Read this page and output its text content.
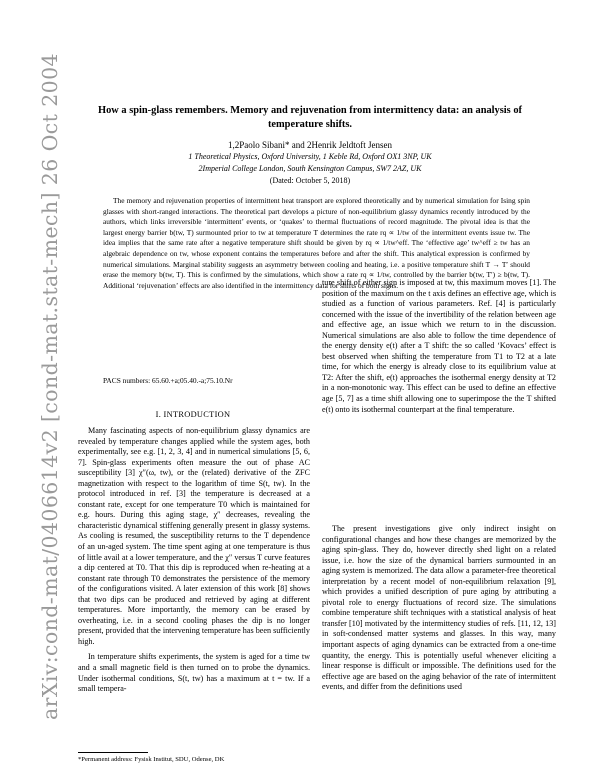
arXiv:cond-mat/0406614v2 [cond-mat.stat-mech] 26 Oct 2004	How a spin-glass remembers. Memory and rejuvenation from intermittency data: an analysis of temperature shifts.
1,2Paolo Sibani* and 2Henrik Jeldtoft Jensen
1 Theoretical Physics, Oxford University, 1 Keble Rd, Oxford OX1 3NP, UK
2Imperial College London, South Kensington Campus, SW7 2AZ, UK
(Dated: October 5, 2018)
The memory and rejuvenation properties of intermittent heat transport are explored theoretically and by numerical simulation for Ising spin glasses with short-ranged interactions. The theoretical part develops a picture of non-equilibrium glassy dynamics recently introduced by the authors, which links irreversible ‘intermittent’ events, or ‘quakes’ to thermal fluctuations of record magnitude. The pivotal idea is that the largest energy barrier b(tw, T) surmounted prior to tw at temperature T determines the rate rq ∝ 1/tw of the intermittent events issue tw. The idea implies that the same rate after a negative temperature shift should be given by rq ∝ 1/tw^eff. The ‘effective age’ tw^eff ≥ tw has an algebraic dependence on tw, whose exponent contains the temperatures before and after the shift. This analytical expression is confirmed by numerical simulations. Marginal stability suggests an asymmetry between cooling and heating, i.e. a positive temperature shift T → T′ should erase the memory b(tw, T). This is confirmed by the simulations, which show a rate rq ∝ 1/tw, controlled by the barrier b(tw, T′) ≥ b(tw, T). Additional ‘rejuvenation’ effects are also identified in the intermittency data for shifts of both signs.
PACS numbers: 65.60.+a;05.40.-a;75.10.Nr
I. INTRODUCTION

Many fascinating aspects of non-equilibrium glassy dynamics are revealed by temperature changes applied while the system ages, both experimentally, see e.g. [1, 2, 3, 4] and in numerical simulations [5, 6, 7]. Spin-glass experiments often measure the out of phase AC susceptibility [3] χ″(ω, tw), or the (related) derivative of the ZFC magnetization with respect to the logarithm of time S(t, tw). In the protocol introduced in ref. [3] the temperature is decreased at a constant rate, except for one temperature T0 which is maintained for e.g. hours. During this aging stage, χ″ decreases, revealing the characteristic dynamical stiffening generally present in glassy systems. As cooling is resumed, the susceptibility returns to the T dependence of an un-aged system. The time spent aging at one temperature is thus of little avail at a lower temperature, and the χ″ versus T curve features a dip centered at T0. That this dip is reproduced when re-heating at a constant rate through T0 demonstrates the persistence of the memory of the configurations visited. A later extension of this work [8] shows that two dips can be produced and retrieved by aging at different temperatures. More importantly, the memory can be erased by overheating, i.e. in a second cooling phases the dip is no longer present, provided that the intervening temperature has been sufficiently high.

In temperature shifts experiments, the system is aged for a time tw and a small magnetic field is then turned on to probe the dynamics. Under isothermal conditions, S(t, tw) has a maximum at t = tw. If a small tempera-

ture shift of either sign is imposed at tw, this maximum moves [1]. The position of the maximum on the t axis defines an effective age, which is studied as a function of various parameters. Ref. [4] is particularly concerned with the issue of the invertibility of the relation between age and effective age, an issue which we return to in the discussion. Numerical simulations are also able to follow the time dependence of the energy density e(t) after a T shift: the so called ‘Kovacs’ effect is best observed when shifting the temperature from T1 to T2 at a late time, for which the energy is already close to its equilibrium value at T2: After the shift, e(t) approaches the isothermal energy density at T2 in a non-monotonic way. This effect can be used to define an effective age [5, 7] as a time shift allowing one to superimpose the the T shifted e(t) onto its isothermal counterpart at the final temperature.

The present investigations give only indirect insight on configurational changes and how these changes are memorized by the aging spin-glass. They do, however directly shed light on a related issue, i.e. how the size of the dynamical barriers surmounted in an aging system is memorized. The data allow a parameter-free theoretical interpretation by a recent model of non-equilibrium relaxation [9], which provides a unified description of pure aging by attributing a pivotal role to energy fluctuations of record size. The simulations combine temperature shift techniques with a statistical analysis of heat transfer [10] motivated by the intermittency studies of refs. [11, 12, 13] in soft-condensed matter systems and glasses. In this way, many important aspects of aging dynamics can be extracted from a one-time quantity, the energy. This is potentially useful whenever eliciting a linear response is difficult or impossible. The definitions used for the effective age are based on the aging behavior of the rate of intermittent events, and differ from the definitions used

*Permanent address: Fysisk Institut, SDU, Odense, DK
